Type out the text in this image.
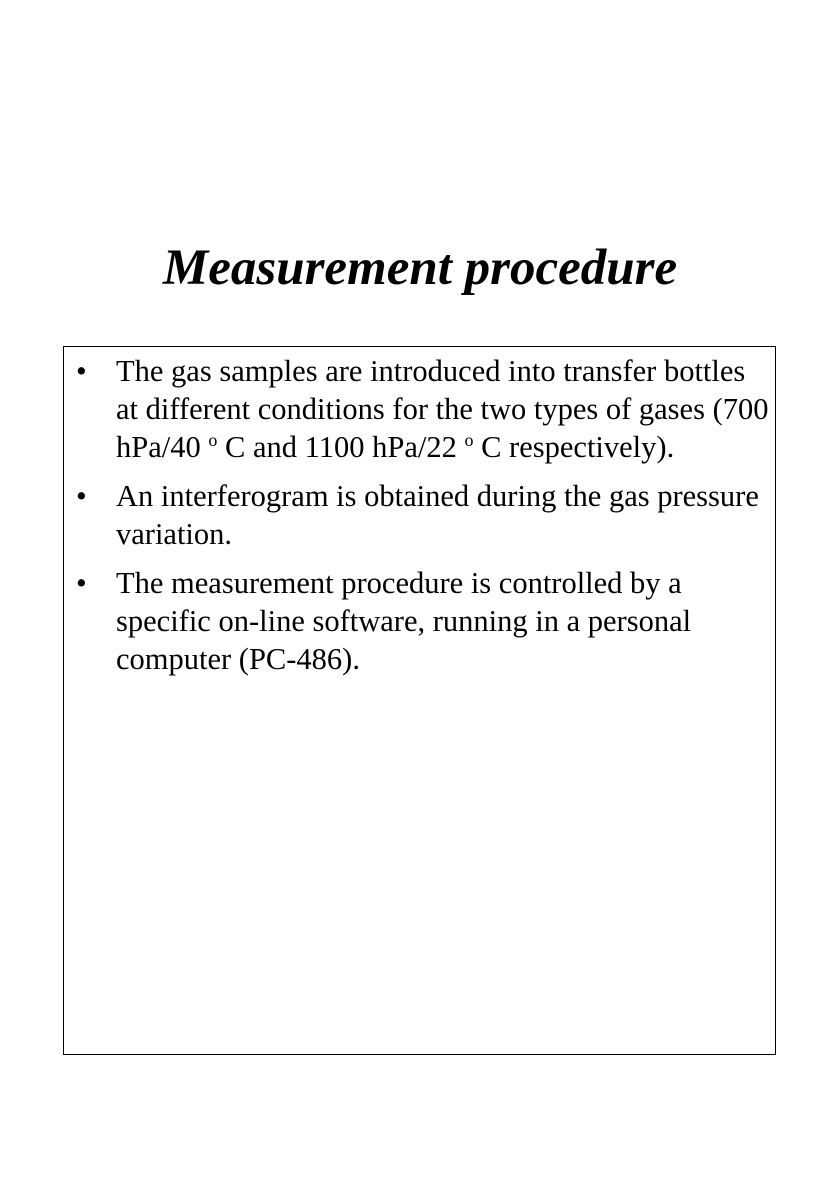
Measurement procedure
• The gas samples are introduced into transfer bottles at different conditions for the two types of gases (700 hPa/40 $^o$ C and 1100 hPa/22 $^o$ C respectively).
• An interferogram is obtained during the gas pressure variation.
• The measurement procedure is controlled by a specific on-line software, running in a personal computer (PC-486).
